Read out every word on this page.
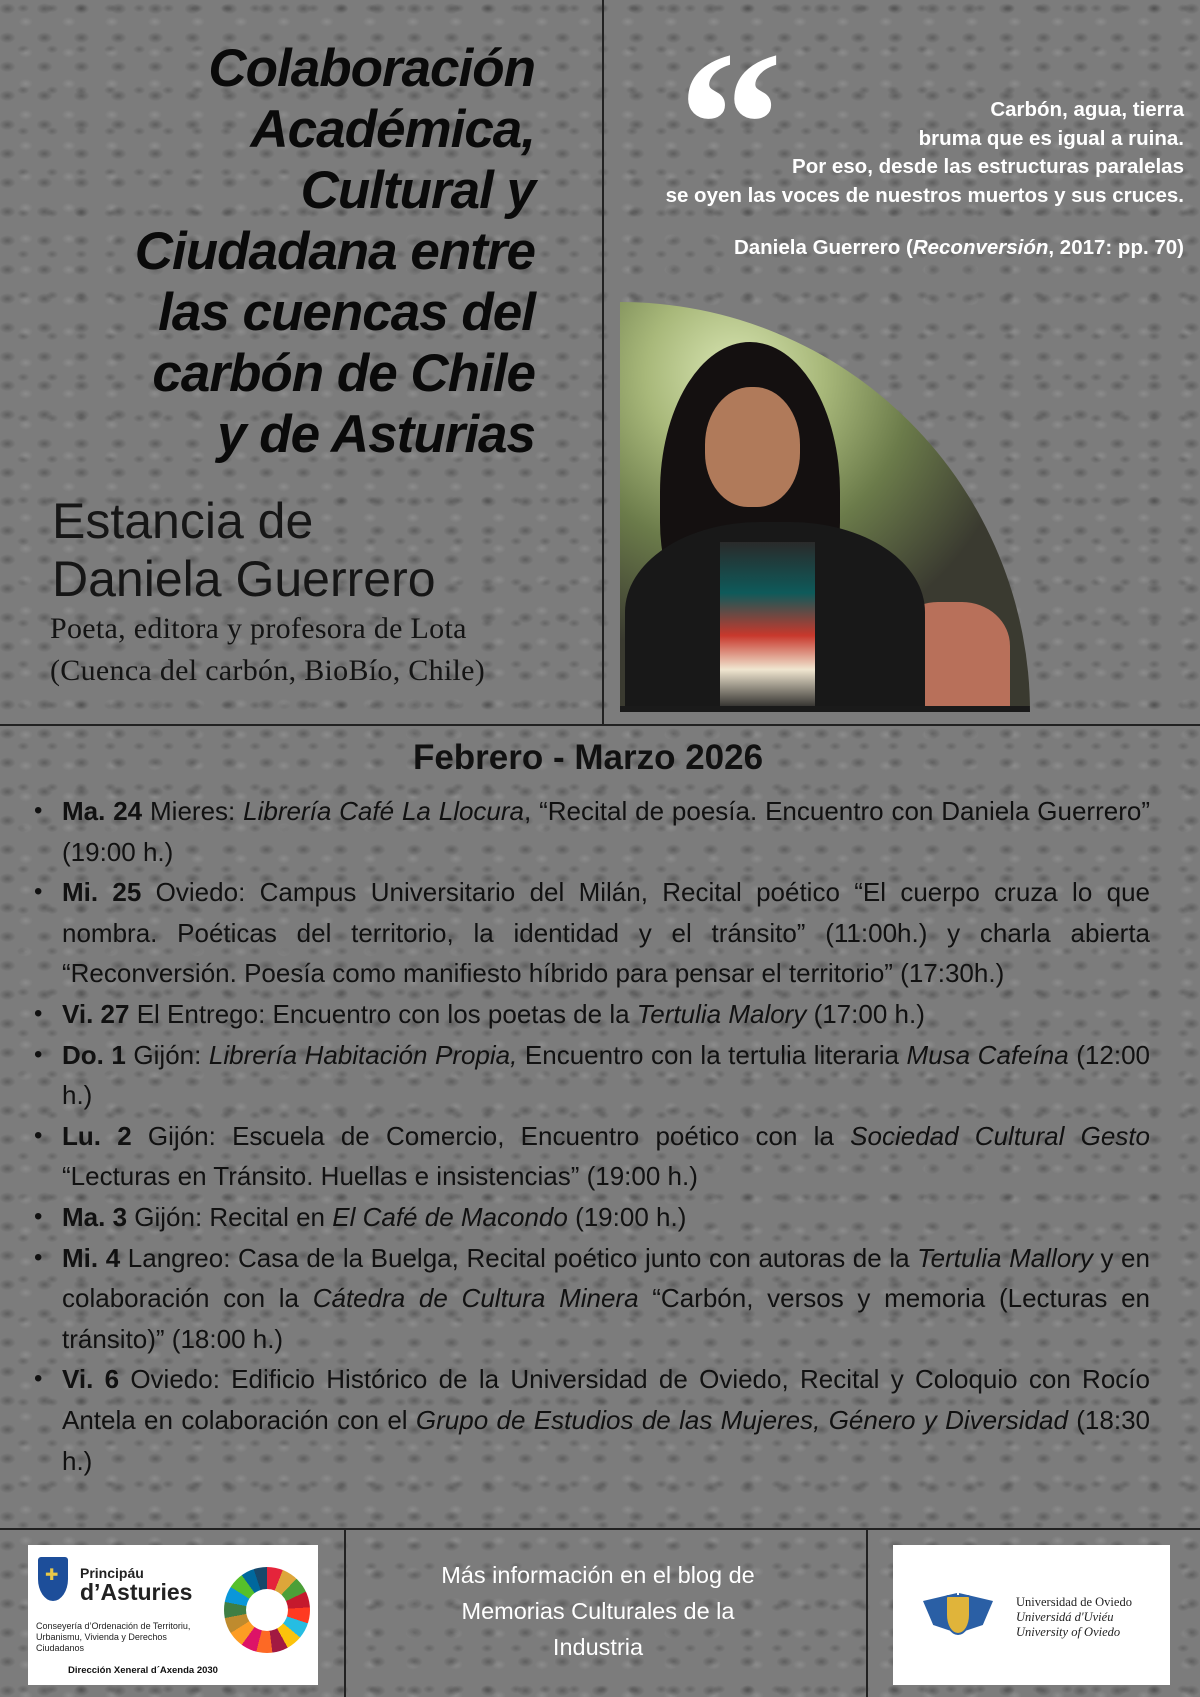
Colaboración
Académica,
Cultural y
Ciudadana entre
las cuencas del
carbón de Chile
y de Asturias
Estancia de
Daniela Guerrero
Poeta, editora y profesora de Lota
(Cuenca del carbón, BioBío, Chile)
“	Carbón, agua, tierra
bruma que es igual a ruina.
Por eso, desde las estructuras paralelas
se oyen las voces de nuestros muertos y sus cruces.
Daniela Guerrero (Reconversión, 2017: pp. 70)
Febrero - Marzo 2026
• Ma. 24 Mieres: Librería Café La Llocura, “Recital de poesía. Encuentro con Daniela Guerrero” (19:00 h.)
• Mi. 25 Oviedo: Campus Universitario del Milán, Recital poético “El cuerpo cruza lo que nombra. Poéticas del territorio, la identidad y el tránsito” (11:00h.) y charla abierta “Reconversión. Poesía como manifiesto híbrido para pensar el territorio” (17:30h.)
• Vi. 27 El Entrego: Encuentro con los poetas de la Tertulia Malory (17:00 h.)
• Do. 1 Gijón: Librería Habitación Propia, Encuentro con la tertulia literaria Musa Cafeína (12:00 h.)
• Lu. 2 Gijón: Escuela de Comercio, Encuentro poético con la Sociedad Cultural Gesto “Lecturas en Tránsito. Huellas e insistencias” (19:00 h.)
• Ma. 3 Gijón: Recital en El Café de Macondo (19:00 h.)
• Mi. 4 Langreo: Casa de la Buelga, Recital poético junto con autoras de la Tertulia Mallory y en colaboración con la Cátedra de Cultura Minera “Carbón, versos y memoria (Lecturas en tránsito)” (18:00 h.)
• Vi. 6 Oviedo: Edificio Histórico de la Universidad de Oviedo, Recital y Coloquio con Rocío Antela en colaboración con el Grupo de Estudios de las Mujeres, Género y Diversidad (18:30 h.)
✚
Principáu
d’Asturies
Conseyería d’Ordenación de Territoriu, Urbanismu, Vivienda y Derechos Ciudadanos
Dirección Xeneral d´Axenda 2030
Más información en el blog de
Memorias Culturales de la
Industria
Universidad de Oviedo
Universidá d'Uviéu
University of Oviedo
